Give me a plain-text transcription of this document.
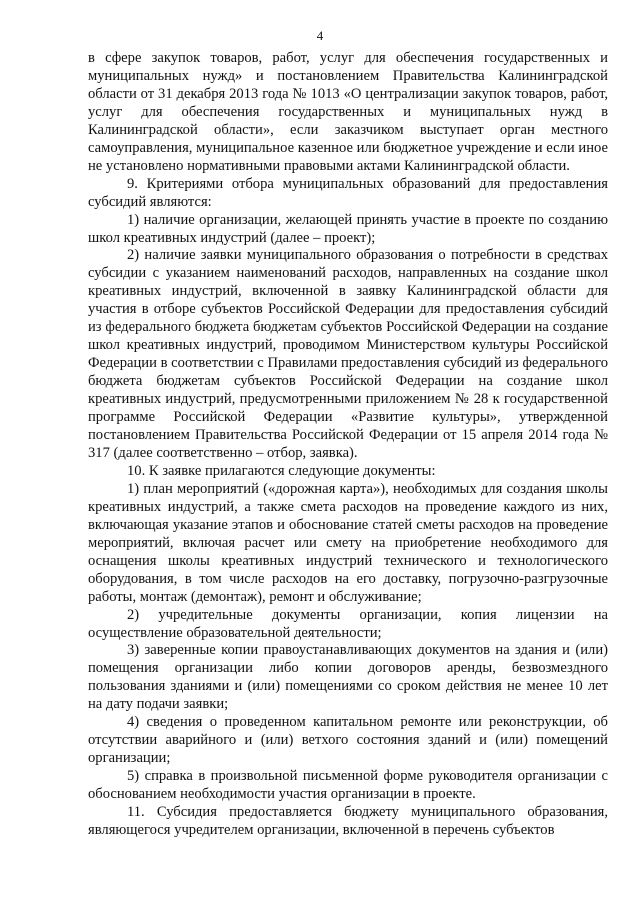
4

в сфере закупок товаров, работ, услуг для обеспечения государственных и муниципальных нужд» и постановлением Правительства Калининградской области от 31 декабря 2013 года № 1013 «О централизации закупок товаров, работ, услуг для обеспечения государственных и муниципальных нужд в Калининградской области», если заказчиком выступает орган местного самоуправления, муниципальное казенное или бюджетное учреждение и если иное не установлено нормативными правовыми актами Калининградской области.

9. Критериями отбора муниципальных образований для предоставления субсидий являются:

1) наличие организации, желающей принять участие в проекте по созданию школ креативных индустрий (далее – проект);

2) наличие заявки муниципального образования о потребности в средствах субсидии с указанием наименований расходов, направленных на создание школ креативных индустрий, включенной в заявку Калининградской области для участия в отборе субъектов Российской Федерации для предоставления субсидий из федерального бюджета бюджетам субъектов Российской Федерации на создание школ креативных индустрий, проводимом Министерством культуры Российской Федерации в соответствии с Правилами предоставления субсидий из федерального бюджета бюджетам субъектов Российской Федерации на создание школ креативных индустрий, предусмотренными приложением № 28 к государственной программе Российской Федерации «Развитие культуры», утвержденной постановлением Правительства Российской Федерации от 15 апреля 2014 года № 317 (далее соответственно – отбор, заявка).

10. К заявке прилагаются следующие документы:

1) план мероприятий («дорожная карта»), необходимых для создания школы креативных индустрий, а также смета расходов на проведение каждого из них, включающая указание этапов и обоснование статей сметы расходов на проведение мероприятий, включая расчет или смету на приобретение необходимого для оснащения школы креативных индустрий технического и технологического оборудования, в том числе расходов на его доставку, погрузочно-разгрузочные работы, монтаж (демонтаж), ремонт и обслуживание;

2) учредительные документы организации, копия лицензии на осуществление образовательной деятельности;

3) заверенные копии правоустанавливающих документов на здания и (или) помещения организации либо копии договоров аренды, безвозмездного пользования зданиями и (или) помещениями со сроком действия не менее 10 лет на дату подачи заявки;

4) сведения о проведенном капитальном ремонте или реконструкции, об отсутствии аварийного и (или) ветхого состояния зданий и (или) помещений организации;

5) справка в произвольной письменной форме руководителя организации с обоснованием необходимости участия организации в проекте.

11. Субсидия предоставляется бюджету муниципального образования, являющегося учредителем организации, включенной в перечень субъектов
